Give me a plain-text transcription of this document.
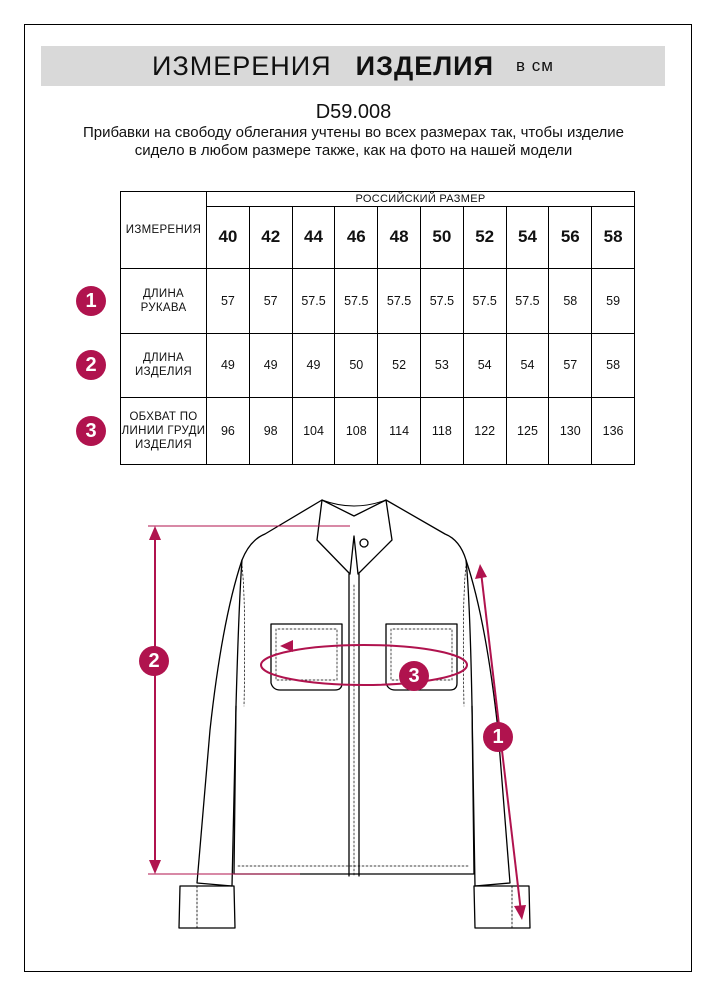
ИЗМЕРЕНИЯ ИЗДЕЛИЯ в см
D59.008
Прибавки на свободу облегания учтены во всех размерах так, чтобы изделие сидело в любом размере также, как на фото на нашей модели
ИЗМЕРЕНИЯ	РОССИЙСКИЙ РАЗМЕР									
	40	42	44	46	48	50	52	54	56	58
ДЛИНА РУКАВА	57	57	57.5	57.5	57.5	57.5	57.5	57.5	58	59
ДЛИНА ИЗДЕЛИЯ	49	49	49	50	52	53	54	54	57	58
ОБХВАТ ПО ЛИНИИ ГРУДИ ИЗДЕЛИЯ	96	98	104	108	114	118	122	125	130	136
1
2
3
1
2
3
